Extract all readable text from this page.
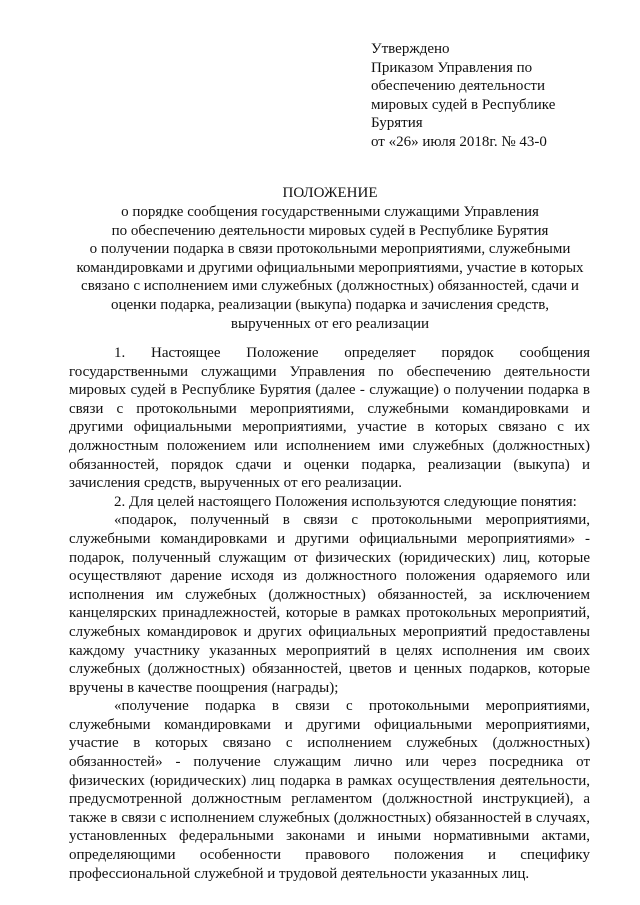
Утверждено
Приказом Управления по
обеспечению деятельности
мировых судей в Республике
Бурятия
от «26» июля 2018г. № 43-0
ПОЛОЖЕНИЕ
о порядке сообщения государственными служащими Управления
по обеспечению деятельности мировых судей в Республике Бурятия
о получении подарка в связи протокольными мероприятиями, служебными
командировками и другими официальными мероприятиями, участие в которых
связано с исполнением ими служебных (должностных) обязанностей, сдачи и
оценки подарка, реализации (выкупа) подарка и зачисления средств,
вырученных от его реализации

1. Настоящее Положение определяет порядок сообщения государственными служащими Управления по обеспечению деятельности мировых судей в Республике Бурятия (далее - служащие) о получении подарка в связи с протокольными мероприятиями, служебными командировками и другими официальными мероприятиями, участие в которых связано с их должностным положением или исполнением ими служебных (должностных) обязанностей, порядок сдачи и оценки подарка, реализации (выкупа) и зачисления средств, вырученных от его реализации.

2. Для целей настоящего Положения используются следующие понятия:

«подарок, полученный в связи с протокольными мероприятиями, служебными командировками и другими официальными мероприятиями» - подарок, полученный служащим от физических (юридических) лиц, которые осуществляют дарение исходя из должностного положения одаряемого или исполнения им служебных (должностных) обязанностей, за исключением канцелярских принадлежностей, которые в рамках протокольных мероприятий, служебных командировок и других официальных мероприятий предоставлены каждому участнику указанных мероприятий в целях исполнения им своих служебных (должностных) обязанностей, цветов и ценных подарков, которые вручены в качестве поощрения (награды);

«получение подарка в связи с протокольными мероприятиями, служебными командировками и другими официальными мероприятиями, участие в которых связано с исполнением служебных (должностных) обязанностей» - получение служащим лично или через посредника от физических (юридических) лиц подарка в рамках осуществления деятельности, предусмотренной должностным регламентом (должностной инструкцией), а также в связи с исполнением служебных (должностных) обязанностей в случаях, установленных федеральными законами и иными нормативными актами, определяющими особенности правового положения и специфику профессиональной служебной и трудовой деятельности указанных лиц.
